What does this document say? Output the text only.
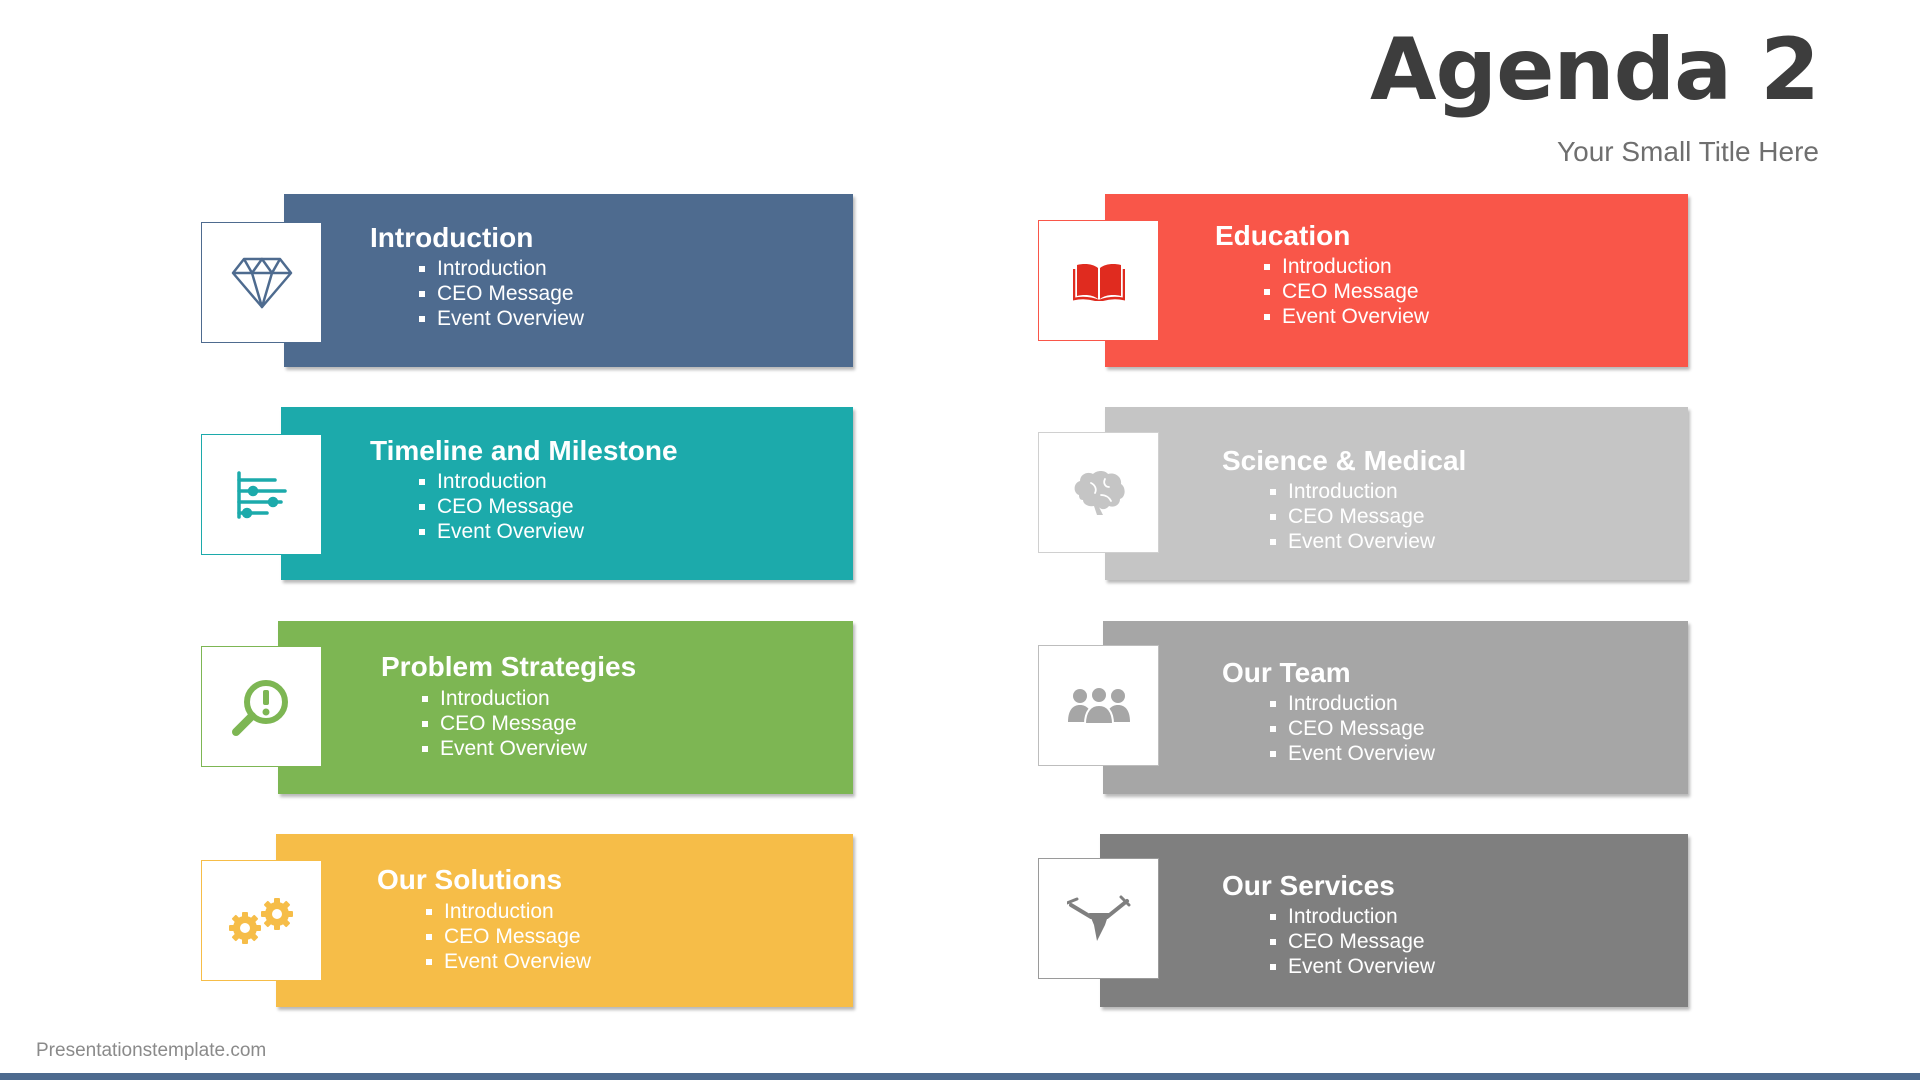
Agenda 2
Your Small Title Here
Introduction
Introduction
CEO Message
Event Overview
Timeline and Milestone
Introduction
CEO Message
Event Overview
Problem Strategies
Introduction
CEO Message
Event Overview
Our Solutions
Introduction
CEO Message
Event Overview
Education
Introduction
CEO Message
Event Overview
Science & Medical
Introduction
CEO Message
Event Overview
Our Team
Introduction
CEO Message
Event Overview
Our Services
Introduction
CEO Message
Event Overview
Presentationstemplate.com
